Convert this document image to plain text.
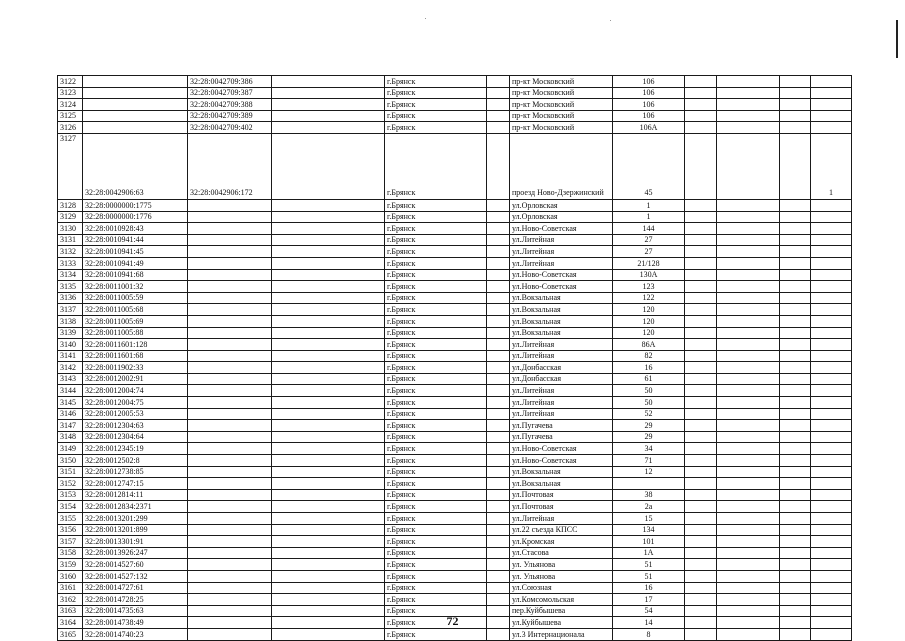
3122		32:28:0042709:386		г.Брянск		пр-кт Московский	106				
3123		32:28:0042709:387		г.Брянск		пр-кт Московский	106				
3124		32:28:0042709:388		г.Брянск		пр-кт Московский	106				
3125		32:28:0042709:389		г.Брянск		пр-кт Московский	106				
3126		32:28:0042709:402		г.Брянск		пр-кт Московский	106А				
3127	32:28:0042906:63	32:28:0042906:172		г.Брянск		проезд Ново-Дзержинский	45				1
3128	32:28:0000000:1775			г.Брянск		ул.Орловская	1				
3129	32:28:0000000:1776			г.Брянск		ул.Орловская	1				
3130	32:28:0010928:43			г.Брянск		ул.Ново-Советская	144				
3131	32:28:0010941:44			г.Брянск		ул.Литейная	27				
3132	32:28:0010941:45			г.Брянск		ул.Литейная	27				
3133	32:28:0010941:49			г.Брянск		ул.Литейная	21/128				
3134	32:28:0010941:68			г.Брянск		ул.Ново-Советская	130А				
3135	32:28:0011001:32			г.Брянск		ул.Ново-Советская	123				
3136	32:28:0011005:59			г.Брянск		ул.Вокзальная	122				
3137	32:28:0011005:68			г.Брянск		ул.Вокзальная	120				
3138	32:28:0011005:69			г.Брянск		ул.Вокзальная	120				
3139	32:28:0011005:88			г.Брянск		ул.Вокзальная	120				
3140	32:28:0011601:128			г.Брянск		ул.Литейная	86А				
3141	32:28:0011601:68			г.Брянск		ул.Литейная	82				
3142	32:28:0011902:33			г.Брянск		ул.Донбасская	16				
3143	32:28:0012002:91			г.Брянск		ул.Донбасская	61				
3144	32:28:0012004:74			г.Брянск		ул.Литейная	50				
3145	32:28:0012004:75			г.Брянск		ул.Литейная	50				
3146	32:28:0012005:53			г.Брянск		ул.Литейная	52				
3147	32:28:0012304:63			г.Брянск		ул.Пугачева	29				
3148	32:28:0012304:64			г.Брянск		ул.Пугачева	29				
3149	32:28:0012345:19			г.Брянск		ул.Ново-Советская	34				
3150	32:28:0012502:8			г.Брянск		ул.Ново-Советская	71				
3151	32:28:0012738:85			г.Брянск		ул.Вокзальная	12				
3152	32:28:0012747:15			г.Брянск		ул.Вокзальная					
3153	32:28:0012814:11			г.Брянск		ул.Почтовая	38				
3154	32:28:0012834:2371			г.Брянск		ул.Почтовая	2а				
3155	32:28:0013201:299			г.Брянск		ул.Литейная	15				
3156	32:28:0013201:899			г.Брянск		ул.22 съезда КПСС	134				
3157	32:28:0013301:91			г.Брянск		ул.Кромская	101				
3158	32:28:0013926:247			г.Брянск		ул.Стасова	1А				
3159	32:28:0014527:60			г.Брянск		ул. Ульянова	51				
3160	32:28:0014527:132			г.Брянск		ул. Ульянова	51				
3161	32:28:0014727:61			г.Брянск		ул.Союзная	16				
3162	32:28:0014728:25			г.Брянск		ул.Комсомольская	17				
3163	32:28:0014735:63			г.Брянск		пер.Куйбышева	54				
3164	32:28:0014738:49			г.Брянск		ул.Куйбышева	14				
3165	32:28:0014740:23			г.Брянск		ул.3 Интернационала	8				
72
